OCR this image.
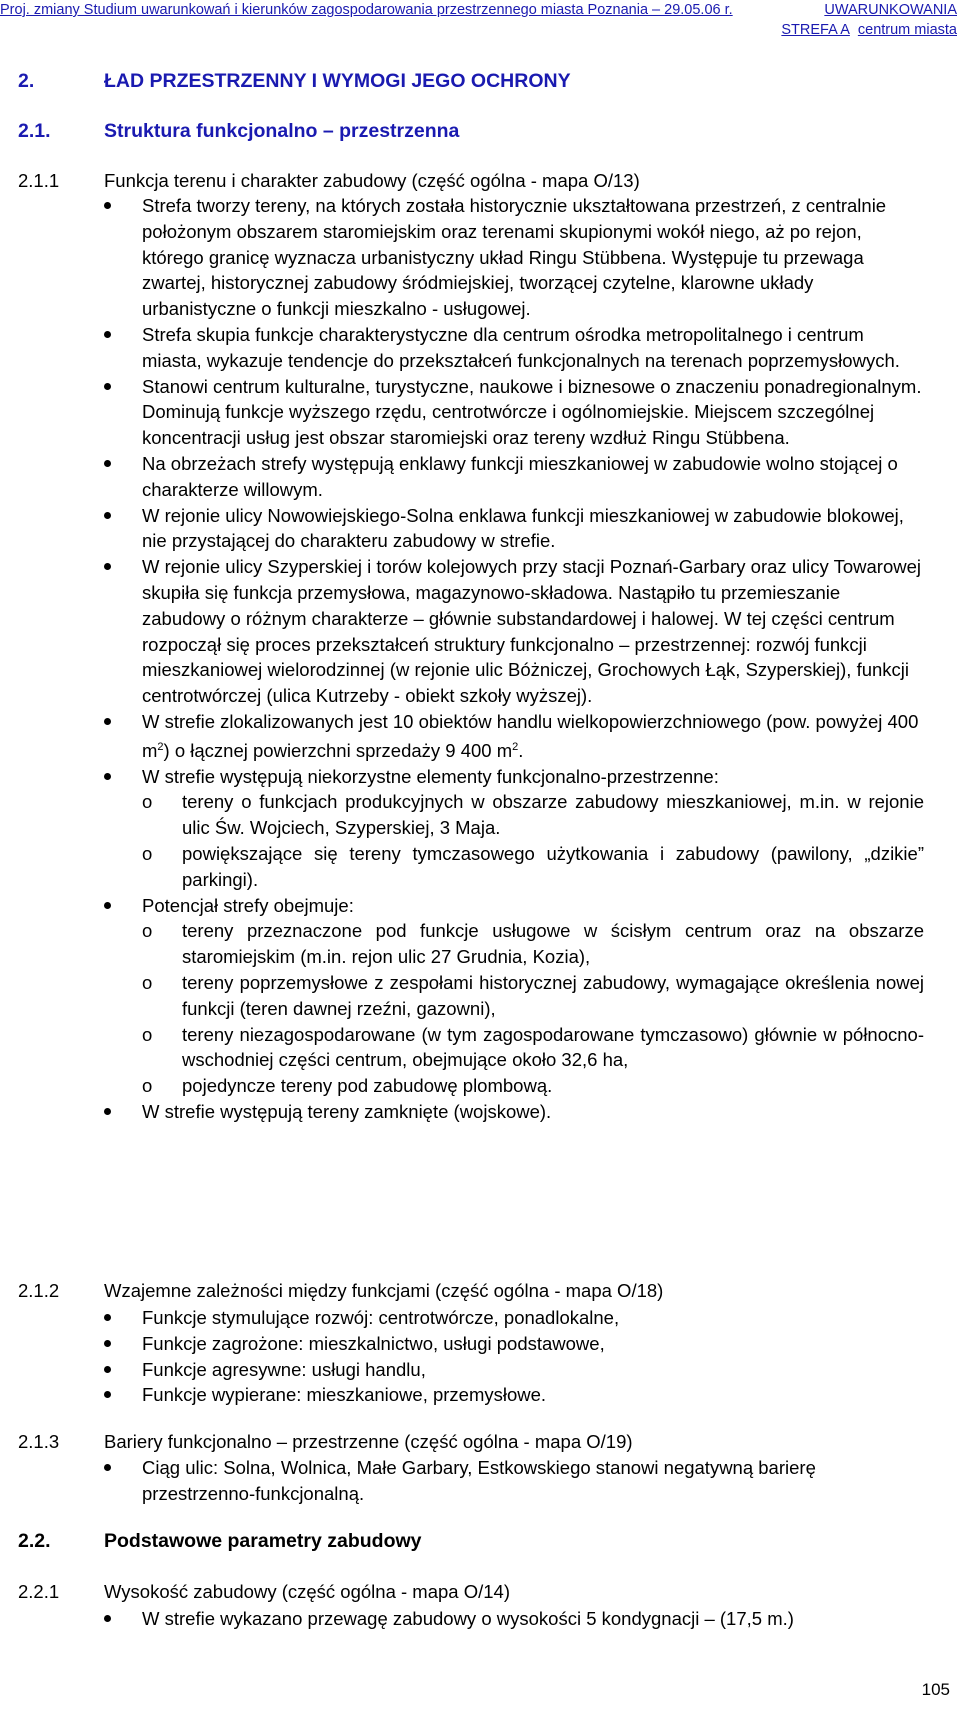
Proj. zmiany Studium uwarunkowań i kierunków zagospodarowania przestrzennego miasta Poznania – 29.05.06 r.	UWARUNKOWANIA
STREFA A centrum miasta
2.	ŁAD PRZESTRZENNY I WYMOGI JEGO OCHRONY
2.1.	Struktura funkcjonalno – przestrzenna
2.1.1 Funkcja terenu i charakter zabudowy (część ogólna - mapa O/13)
Strefa tworzy tereny, na których została historycznie ukształtowana przestrzeń, z centralnie położonym obszarem staromiejskim oraz terenami skupionymi wokół niego, aż po rejon, którego granicę wyznacza urbanistyczny układ Ringu Stübbena. Występuje tu przewaga zwartej, historycznej zabudowy śródmiejskiej, tworzącej czytelne, klarowne układy urbanistyczne o funkcji mieszkalno - usługowej.
Strefa skupia funkcje charakterystyczne dla centrum ośrodka metropolitalnego i centrum miasta, wykazuje tendencje do przekształceń funkcjonalnych na terenach poprzemysłowych.
Stanowi centrum kulturalne, turystyczne, naukowe i biznesowe o znaczeniu ponadregionalnym. Dominują funkcje wyższego rzędu, centrotwórcze i ogólnomiejskie. Miejscem szczególnej koncentracji usług jest obszar staromiejski oraz tereny wzdłuż Ringu Stübbena.
Na obrzeżach strefy występują enklawy funkcji mieszkaniowej w zabudowie wolno stojącej o charakterze willowym.
W rejonie ulicy Nowowiejskiego-Solna enklawa funkcji mieszkaniowej w zabudowie blokowej, nie przystającej do charakteru zabudowy w strefie.
W rejonie ulicy Szyperskiej i torów kolejowych przy stacji Poznań-Garbary oraz ulicy Towarowej skupiła się funkcja przemysłowa, magazynowo-składowa. Nastąpiło tu przemieszanie zabudowy o różnym charakterze – głównie substandardowej i halowej. W tej części centrum rozpoczął się proces przekształceń struktury funkcjonalno – przestrzennej: rozwój funkcji mieszkaniowej wielorodzinnej (w rejonie ulic Bóżniczej, Grochowych Łąk, Szyperskiej), funkcji centrotwórczej (ulica Kutrzeby - obiekt szkoły wyższej).
W strefie zlokalizowanych jest 10 obiektów handlu wielkopowierzchniowego (pow. powyżej 400 $m^2$) o łącznej powierzchni sprzedaży 9 400 $m^2$.
W strefie występują niekorzystne elementy funkcjonalno-przestrzenne:
o tereny o funkcjach produkcyjnych w obszarze zabudowy mieszkaniowej, m.in. w rejonie ulic Św. Wojciech, Szyperskiej, 3 Maja.
o powiększające się tereny tymczasowego użytkowania i zabudowy (pawilony, „dzikie” parkingi).
Potencjał strefy obejmuje:
o tereny przeznaczone pod funkcje usługowe w ścisłym centrum oraz na obszarze staromiejskim (m.in. rejon ulic 27 Grudnia, Kozia),
o tereny poprzemysłowe z zespołami historycznej zabudowy, wymagające określenia nowej funkcji (teren dawnej rzeźni, gazowni),
o tereny niezagospodarowane (w tym zagospodarowane tymczasowo) głównie w północno-wschodniej części centrum, obejmujące około 32,6 ha,
o pojedyncze tereny pod zabudowę plombową.
W strefie występują tereny zamknięte (wojskowe).
2.1.2 Wzajemne zależności między funkcjami (część ogólna - mapa O/18)
Funkcje stymulujące rozwój: centrotwórcze, ponadlokalne,
Funkcje zagrożone: mieszkalnictwo, usługi podstawowe,
Funkcje agresywne: usługi handlu,
Funkcje wypierane: mieszkaniowe, przemysłowe.
2.1.3 Bariery funkcjonalno – przestrzenne (część ogólna - mapa O/19)
Ciąg ulic: Solna, Wolnica, Małe Garbary, Estkowskiego stanowi negatywną barierę przestrzenno-funkcjonalną.
2.2.	Podstawowe parametry zabudowy
2.2.1 Wysokość zabudowy (część ogólna - mapa O/14)
W strefie wykazano przewagę zabudowy o wysokości 5 kondygnacji – (17,5 m.)
105
